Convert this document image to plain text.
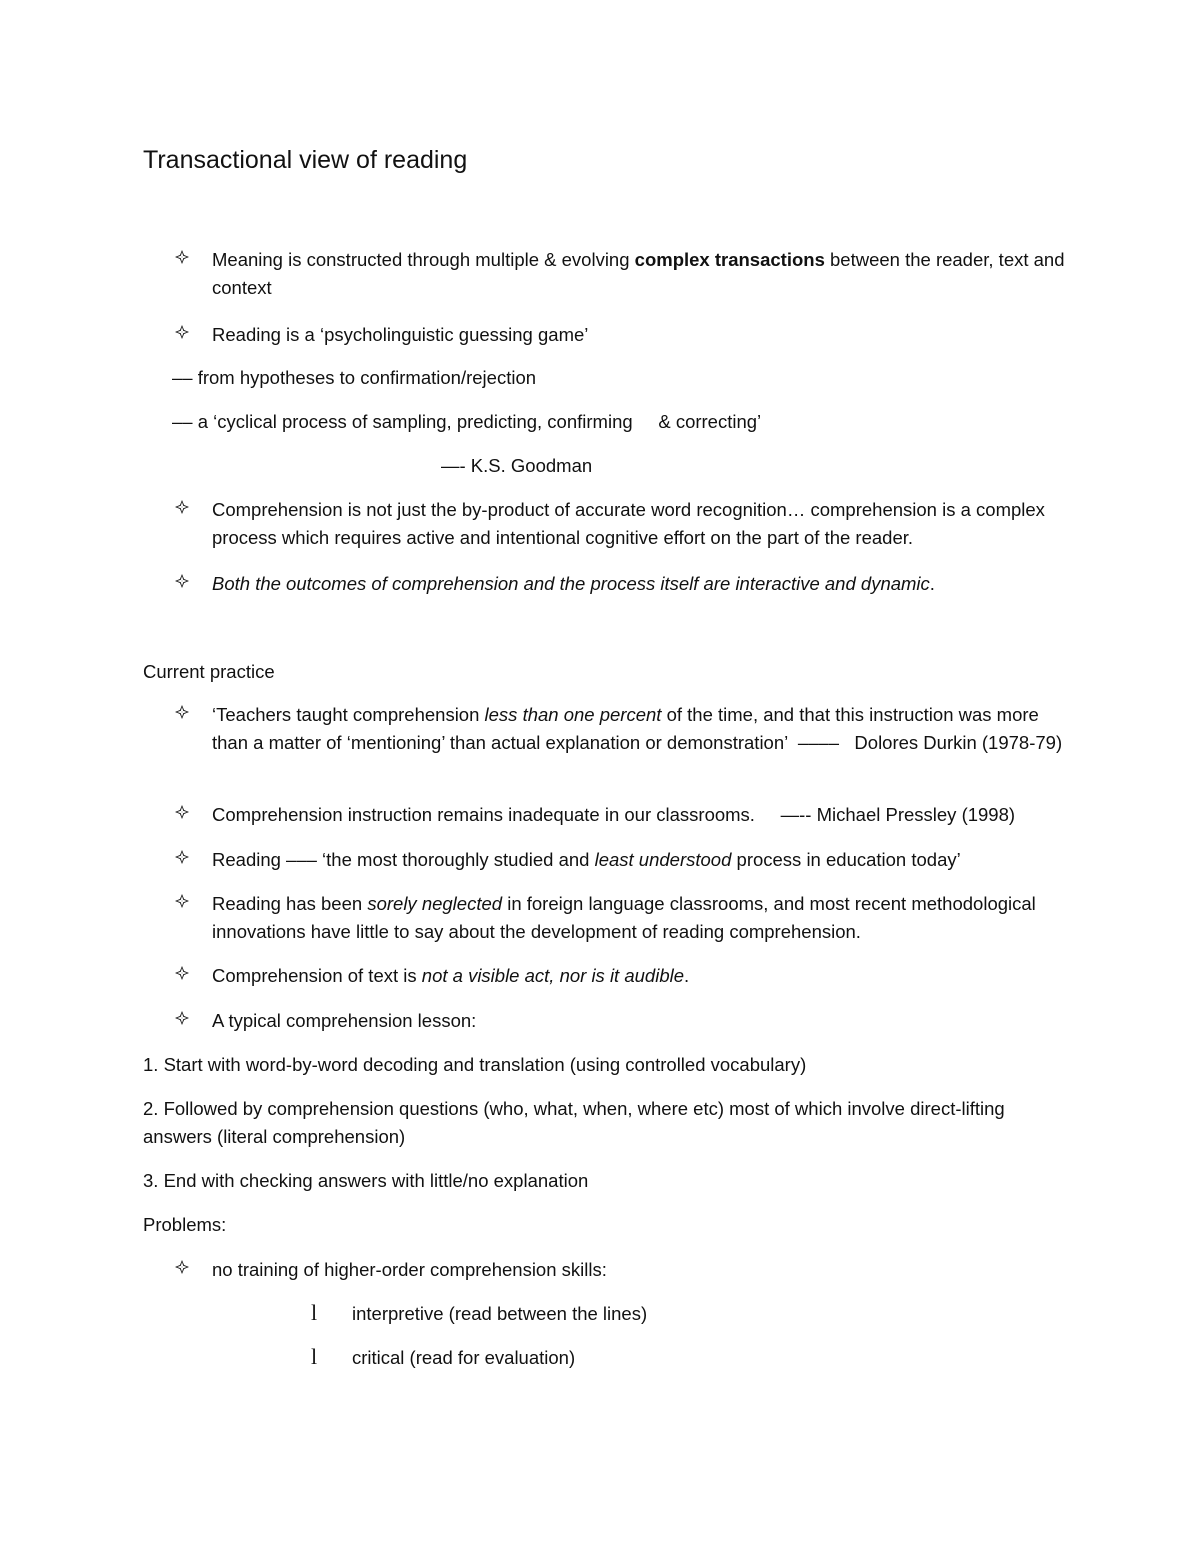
Transactional view of reading
Meaning is constructed through multiple & evolving complex transactions between the reader, text and context
Reading is a ‘psycholinguistic guessing game’
–– from hypotheses to confirmation/rejection
–– a ‘cyclical process of sampling, predicting, confirming     & correcting’
—- K.S. Goodman
Comprehension is not just the by-product of accurate word recognition… comprehension is a complex process which requires active and intentional cognitive effort on the part of the reader.
Both the outcomes of comprehension and the process itself are interactive and dynamic.
Current practice
‘Teachers taught comprehension less than one percent of the time, and that this instruction was more than a matter of ‘mentioning’ than actual explanation or demonstration’  ––––   Dolores Durkin (1978-79)
Comprehension instruction remains inadequate in our classrooms.     —-- Michael Pressley (1998)
Reading ––– ‘the most thoroughly studied and least understood process in education today’
Reading has been sorely neglected in foreign language classrooms, and most recent methodological innovations have little to say about the development of reading comprehension.
Comprehension of text is not a visible act, nor is it audible.
A typical comprehension lesson:
1. Start with word-by-word decoding and translation (using controlled vocabulary)
2. Followed by comprehension questions (who, what, when, where etc) most of which involve direct-lifting answers (literal comprehension)
3. End with checking answers with little/no explanation
Problems:
no training of higher-order comprehension skills:
l interpretive (read between the lines)
l critical (read for evaluation)
